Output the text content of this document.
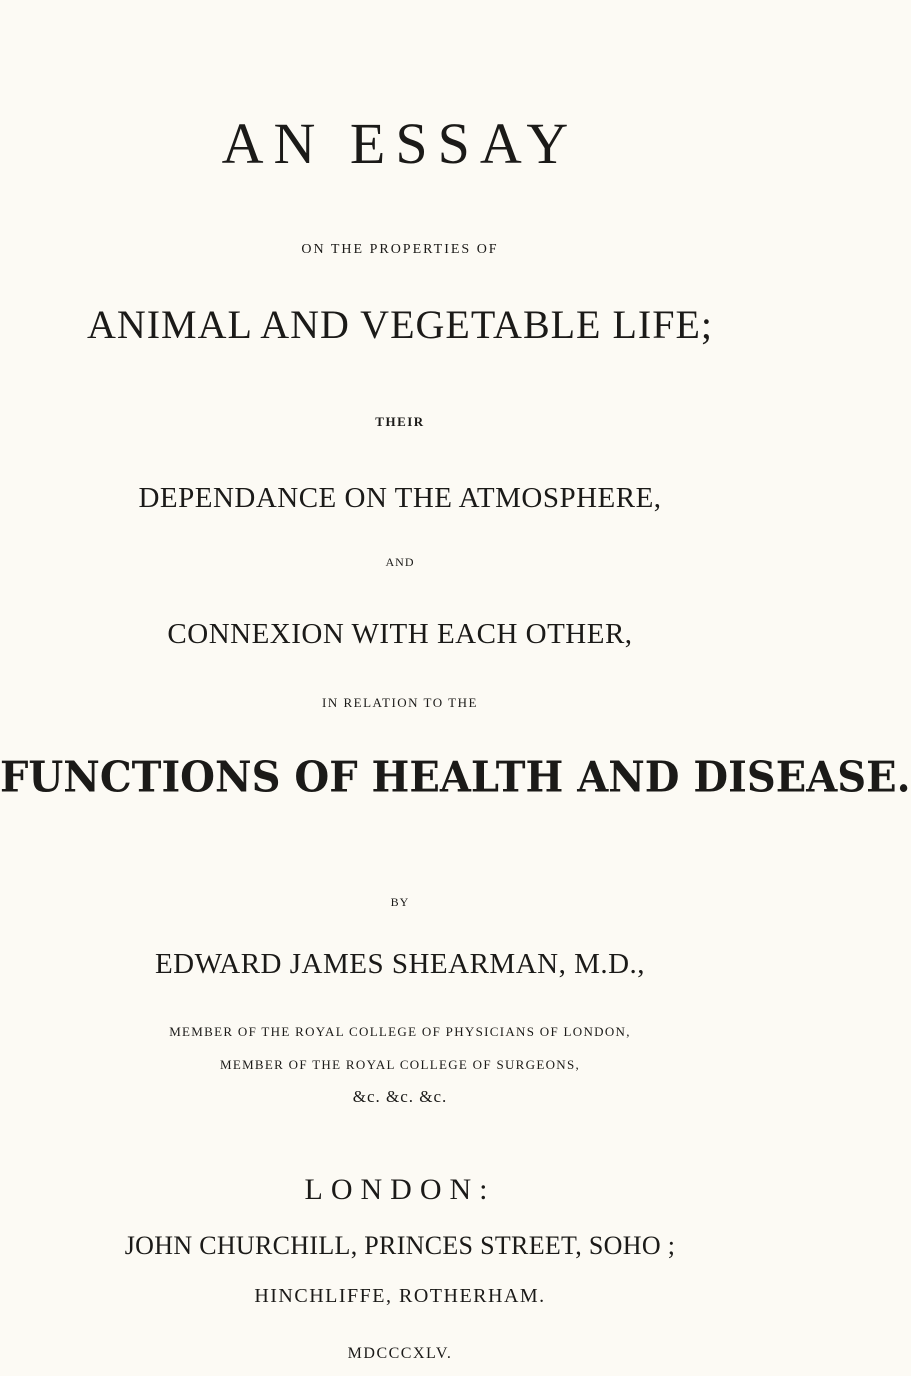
AN ESSAY
ON THE PROPERTIES OF
ANIMAL AND VEGETABLE LIFE;
THEIR
DEPENDANCE ON THE ATMOSPHERE,
AND
CONNEXION WITH EACH OTHER,
IN RELATION TO THE
FUNCTIONS OF HEALTH AND DISEASE.
BY
EDWARD JAMES SHEARMAN, M.D.,
MEMBER OF THE ROYAL COLLEGE OF PHYSICIANS OF LONDON,
MEMBER OF THE ROYAL COLLEGE OF SURGEONS,
&c. &c. &c.
LONDON:
JOHN CHURCHILL, PRINCES STREET, SOHO ;
HINCHLIFFE, ROTHERHAM.
MDCCCXLV.
